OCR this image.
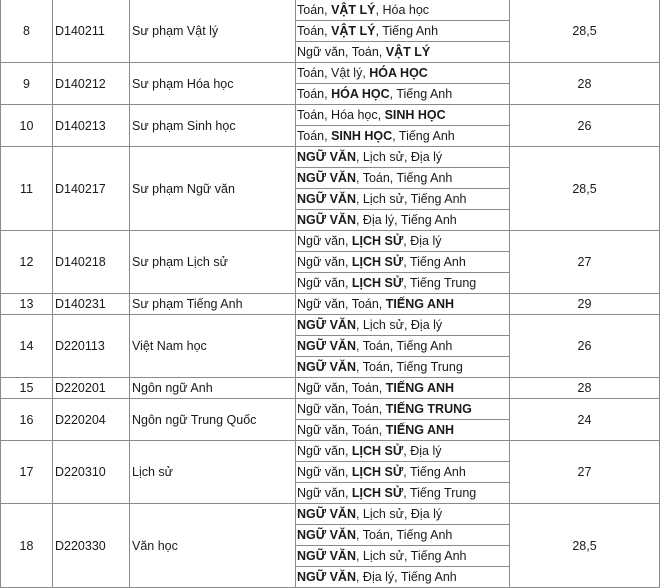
8	D140211	Sư phạm Vật lý	Toán, VẬT LÝ, Hóa học	28,5
			Toán, VẬT LÝ, Tiếng Anh	
			Ngữ văn, Toán, VẬT LÝ	
9	D140212	Sư phạm Hóa học	Toán, Vật lý, HÓA HỌC	28
			Toán, HÓA HỌC, Tiếng Anh	
10	D140213	Sư phạm Sinh học	Toán, Hóa học, SINH HỌC	26
			Toán, SINH HỌC, Tiếng Anh	
11	D140217	Sư phạm Ngữ văn	NGỮ VĂN, Lịch sử, Địa lý	28,5
			NGỮ VĂN, Toán, Tiếng Anh	
			NGỮ VĂN, Lịch sử, Tiếng Anh	
			NGỮ VĂN, Địa lý, Tiếng Anh	
12	D140218	Sư phạm Lịch sử	Ngữ văn, LỊCH SỬ, Địa lý	27
			Ngữ văn, LỊCH SỬ, Tiếng Anh	
			Ngữ văn, LỊCH SỬ, Tiếng Trung	
13	D140231	Sư phạm Tiếng Anh	Ngữ văn, Toán, TIẾNG ANH	29
14	D220113	Việt Nam học	NGỮ VĂN, Lịch sử, Địa lý	26
			NGỮ VĂN, Toán, Tiếng Anh	
			NGỮ VĂN, Toán, Tiếng Trung	
15	D220201	Ngôn ngữ Anh	Ngữ văn, Toán, TIẾNG ANH	28
16	D220204	Ngôn ngữ Trung Quốc	Ngữ văn, Toán, TIẾNG TRUNG	24
			Ngữ văn, Toán, TIẾNG ANH	
17	D220310	Lịch sử	Ngữ văn, LỊCH SỬ, Địa lý	27
			Ngữ văn, LỊCH SỬ, Tiếng Anh	
			Ngữ văn, LỊCH SỬ, Tiếng Trung	
18	D220330	Văn học	NGỮ VĂN, Lịch sử, Địa lý	28,5
			NGỮ VĂN, Toán, Tiếng Anh	
			NGỮ VĂN, Lịch sử, Tiếng Anh	
			NGỮ VĂN, Địa lý, Tiếng Anh	
